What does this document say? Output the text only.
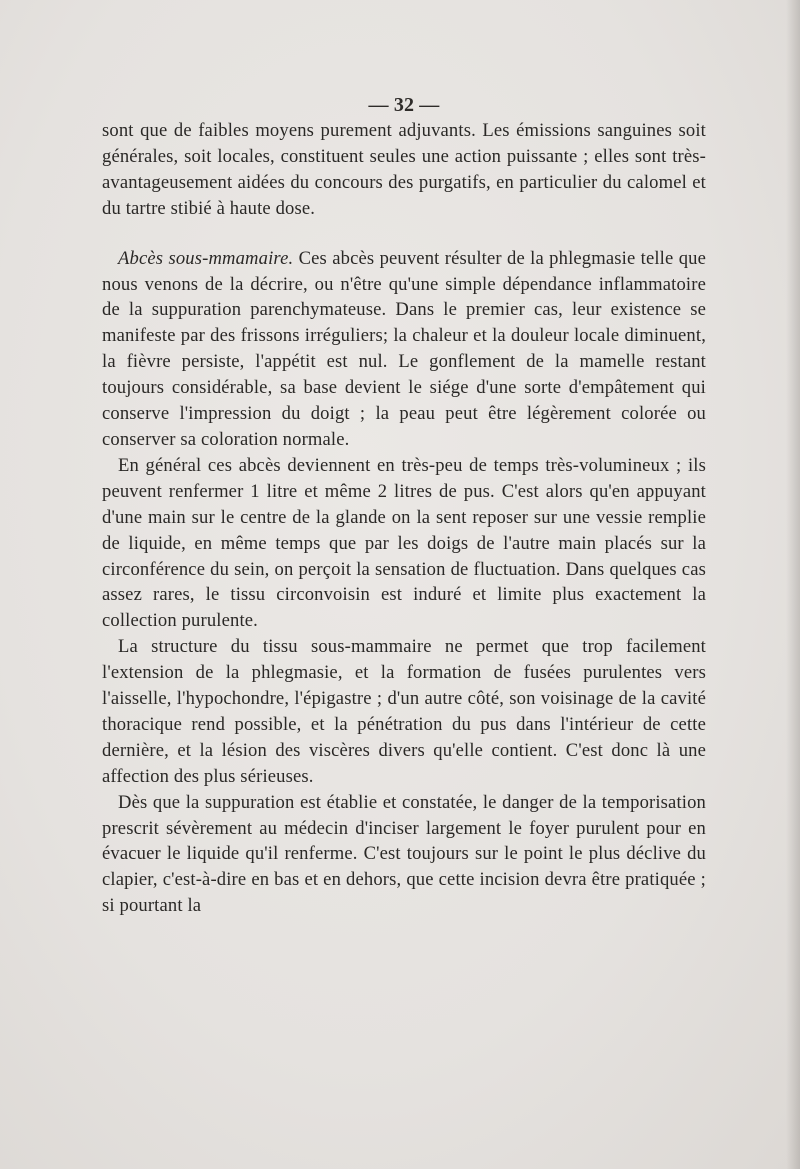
— 32 —

sont que de faibles moyens purement adjuvants. Les émissions sanguines soit générales, soit locales, constituent seules une action puissante ; elles sont très-avantageusement aidées du concours des purgatifs, en particulier du calomel et du tartre stibié à haute dose.

Abcès sous-mmamaire. Ces abcès peuvent résulter de la phlegmasie telle que nous venons de la décrire, ou n'être qu'une simple dépendance inflammatoire de la suppuration parenchymateuse. Dans le premier cas, leur existence se manifeste par des frissons irréguliers; la chaleur et la douleur locale diminuent, la fièvre persiste, l'appétit est nul. Le gonflement de la mamelle restant toujours considérable, sa base devient le siége d'une sorte d'empâtement qui conserve l'impression du doigt ; la peau peut être légèrement colorée ou conserver sa coloration normale.

En général ces abcès deviennent en très-peu de temps très-volumineux ; ils peuvent renfermer 1 litre et même 2 litres de pus. C'est alors qu'en appuyant d'une main sur le centre de la glande on la sent reposer sur une vessie remplie de liquide, en même temps que par les doigs de l'autre main placés sur la circonférence du sein, on perçoit la sensation de fluctuation. Dans quelques cas assez rares, le tissu circonvoisin est induré et limite plus exactement la collection purulente.

La structure du tissu sous-mammaire ne permet que trop facilement l'extension de la phlegmasie, et la formation de fusées purulentes vers l'aisselle, l'hypochondre, l'épigastre ; d'un autre côté, son voisinage de la cavité thoracique rend possible, et la pénétration du pus dans l'intérieur de cette dernière, et la lésion des viscères divers qu'elle contient. C'est donc là une affection des plus sérieuses.

Dès que la suppuration est établie et constatée, le danger de la temporisation prescrit sévèrement au médecin d'inciser largement le foyer purulent pour en évacuer le liquide qu'il renferme. C'est toujours sur le point le plus déclive du clapier, c'est-à-dire en bas et en dehors, que cette incision devra être pratiquée ; si pourtant la
